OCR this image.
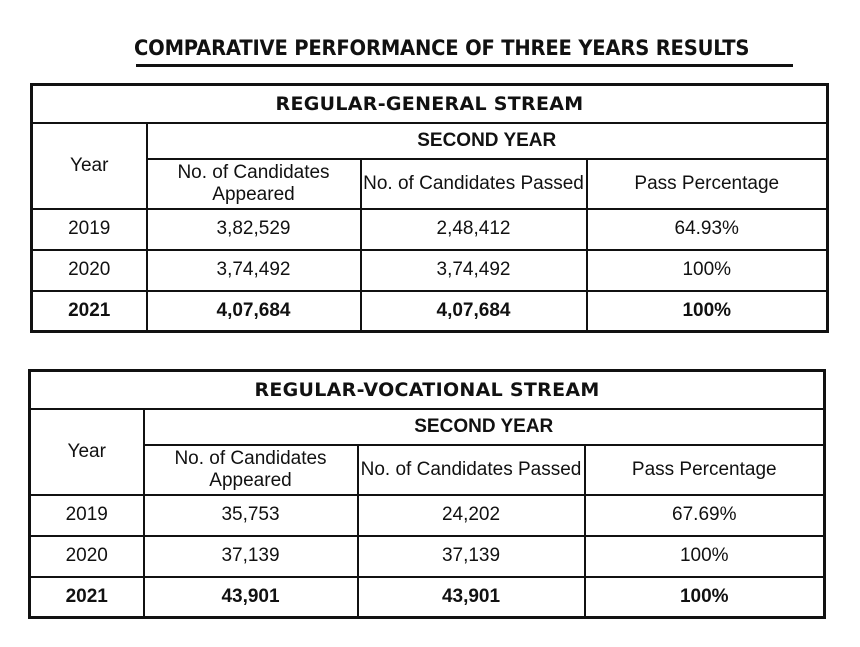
COMPARATIVE PERFORMANCE OF THREE YEARS RESULTS
REGULAR-GENERAL STREAM			
Year	SECOND YEAR		
	No. of Candidates Appeared	No. of Candidates Passed	Pass Percentage
2019	3,82,529	2,48,412	64.93%
2020	3,74,492	3,74,492	100%
2021	4,07,684	4,07,684	100%
REGULAR-VOCATIONAL STREAM			
Year	SECOND YEAR		
	No. of Candidates Appeared	No. of Candidates Passed	Pass Percentage
2019	35,753	24,202	67.69%
2020	37,139	37,139	100%
2021	43,901	43,901	100%
